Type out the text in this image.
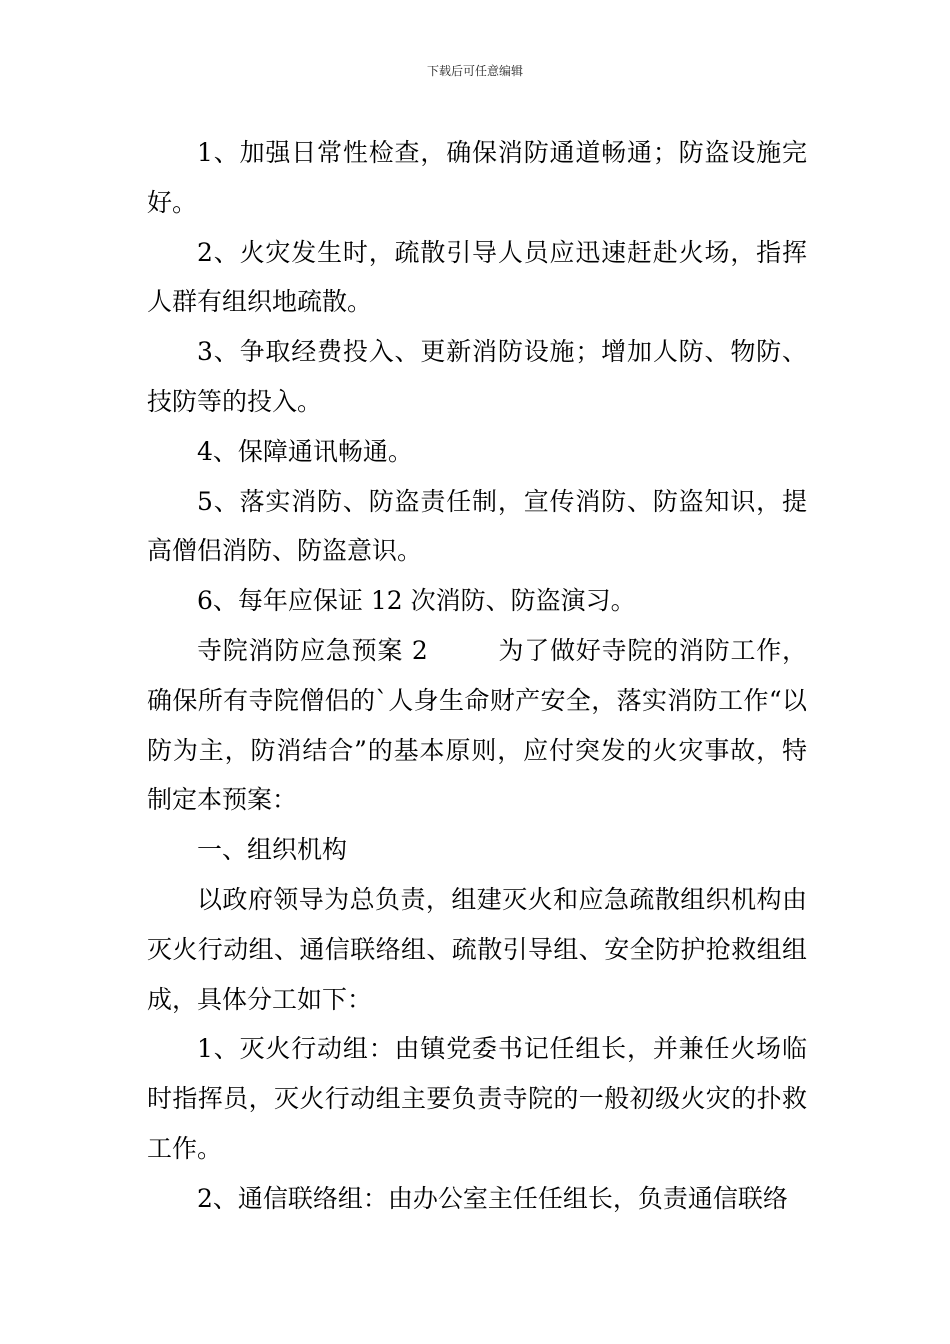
下载后可任意编辑

1、加强日常性检查，确保消防通道畅通；防盗设施完好。

2、火灾发生时，疏散引导人员应迅速赶赴火场，指挥人群有组织地疏散。

3、争取经费投入、更新消防设施；增加人防、物防、技防等的投入。

4、保障通讯畅通。

5、落实消防、防盗责任制，宣传消防、防盗知识，提高僧侣消防、防盗意识。

6、每年应保证 12 次消防、防盗演习。

寺院消防应急预案 2	为了做好寺院的消防工作，确保所有寺院僧侣的`人身生命财产安全，落实消防工作“以防为主，防消结合”的基本原则，应付突发的火灾事故，特制定本预案：

一、组织机构

以政府领导为总负责，组建灭火和应急疏散组织机构由灭火行动组、通信联络组、疏散引导组、安全防护抢救组组成，具体分工如下：

1、灭火行动组：由镇党委书记任组长，并兼任火场临时指挥员，灭火行动组主要负责寺院的一般初级火灾的扑救工作。

2、通信联络组：由办公室主任任组长，负责通信联络
